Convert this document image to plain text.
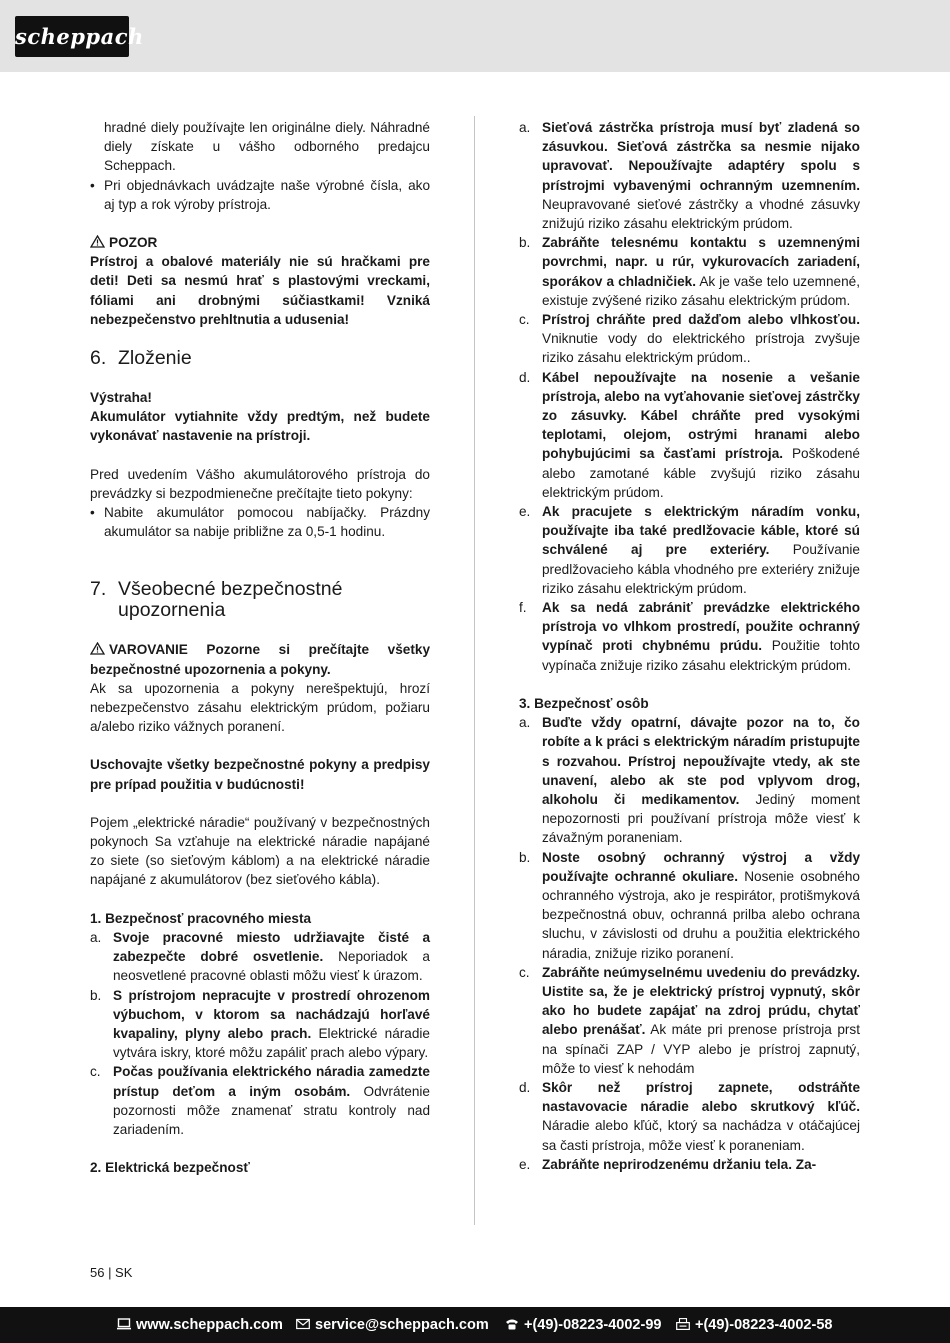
scheppach
hradné diely používajte len originálne diely. Náhradné diely získate u vášho odborného predajcu Scheppach.
• Pri objednávkach uvádzajte naše výrobné čísla, ako aj typ a rok výroby prístroja.
POZOR
Prístroj a obalové materiály nie sú hračkami pre deti! Deti sa nesmú hrať s plastovými vreckami, fóliami ani drobnými súčiastkami! Vzniká nebezpečenstvo prehltnutia a udusenia!
6. Zloženie
Výstraha!
Akumulátor vytiahnite vždy predtým, než budete vykonávať nastavenie na prístroji.
Pred uvedením Vášho akumulátorového prístroja do prevádzky si bezpodmienečne prečítajte tieto pokyny:
• Nabite akumulátor pomocou nabíjačky. Prázdny akumulátor sa nabije približne za 0,5-1 hodinu.
7. Všeobecné bezpečnostné
upozornenia
VAROVANIE Pozorne si prečítajte všetky bezpečnostné upozornenia a pokyny.
Ak sa upozornenia a pokyny nerešpektujú, hrozí nebezpečenstvo zásahu elektrickým prúdom, požiaru a/alebo riziko vážnych poranení.
Uschovajte všetky bezpečnostné pokyny a predpisy pre prípad použitia v budúcnosti!
Pojem „elektrické náradie“ používaný v bezpečnostných pokynoch Sa vzťahuje na elektrické náradie napájané zo siete (so sieťovým káblom) a na elektrické náradie napájané z akumulátorov (bez sieťového kábla).
1. Bezpečnosť pracovného miesta
a. Svoje pracovné miesto udržiavajte čisté a zabezpečte dobré osvetlenie. Neporiadok a neosvetlené pracovné oblasti môžu viesť k úrazom.
b. S prístrojom nepracujte v prostredí ohrozenom výbuchom, v ktorom sa nachádzajú horľavé kvapaliny, plyny alebo prach. Elektrické náradie vytvára iskry, ktoré môžu zapáliť prach alebo výpary.
c. Počas používania elektrického náradia zamedzte prístup deťom a iným osobám. Odvrátenie pozornosti môže znamenať stratu kontroly nad zariadením.
2. Elektrická bezpečnosť
a. Sieťová zástrčka prístroja musí byť zladená so zásuvkou. Sieťová zástrčka sa nesmie nijako upravovať. Nepoužívajte adaptéry spolu s prístrojmi vybavenými ochranným uzemnením. Neupravované sieťové zástrčky a vhodné zásuvky znižujú riziko zásahu elektrickým prúdom.
b. Zabráňte telesnému kontaktu s uzemnenými povrchmi, napr. u rúr, vykurovacích zariadení, sporákov a chladničiek. Ak je vaše telo uzemnené, existuje zvýšené riziko zásahu elektrickým prúdom.
c. Prístroj chráňte pred dažďom alebo vlhkosťou. Vniknutie vody do elektrického prístroja zvyšuje riziko zásahu elektrickým prúdom..
d. Kábel nepoužívajte na nosenie a vešanie prístroja, alebo na vyťahovanie sieťovej zástrčky zo zásuvky. Kábel chráňte pred vysokými teplotami, olejom, ostrými hranami alebo pohybujúcimi sa časťami prístroja. Poškodené alebo zamotané káble zvyšujú riziko zásahu elektrickým prúdom.
e. Ak pracujete s elektrickým náradím vonku, používajte iba také predlžovacie káble, ktoré sú schválené aj pre exteriéry. Používanie predlžovacieho kábla vhodného pre exteriéry znižuje riziko zásahu elektrickým prúdom.
f. Ak sa nedá zabrániť prevádzke elektrického prístroja vo vlhkom prostredí, použite ochranný vypínač proti chybnému prúdu. Použitie tohto vypínača znižuje riziko zásahu elektrickým prúdom.
3. Bezpečnosť osôb
a. Buďte vždy opatrní, dávajte pozor na to, čo robíte a k práci s elektrickým náradím pristupujte s rozvahou. Prístroj nepoužívajte vtedy, ak ste unavení, alebo ak ste pod vplyvom drog, alkoholu či medikamentov. Jediný moment nepozornosti pri používaní prístroja môže viesť k závažným poraneniam.
b. Noste osobný ochranný výstroj a vždy používajte ochranné okuliare. Nosenie osobného ochranného výstroja, ako je respirátor, protišmyková bezpečnostná obuv, ochranná prilba alebo ochrana sluchu, v závislosti od druhu a použitia elektrického náradia, znižuje riziko poranení.
c. Zabráňte neúmyselnému uvedeniu do prevádzky. Uistite sa, že je elektrický prístroj vypnutý, skôr ako ho budete zapájať na zdroj prúdu, chytať alebo prenášať. Ak máte pri prenose prístroja prst na spínači ZAP / VYP alebo je prístroj zapnutý, môže to viesť k nehodám
d. Skôr než prístroj zapnete, odstráňte nastavovacie náradie alebo skrutkový kľúč. Náradie alebo kľúč, ktorý sa nachádza v otáčajúcej sa časti prístroja, môže viesť k poraneniam.
e. Zabráňte neprirodzenému držaniu tela. Za-
56 | SK
www.scheppach.com	service@scheppach.com	+(49)-08223-4002-99	+(49)-08223-4002-58
